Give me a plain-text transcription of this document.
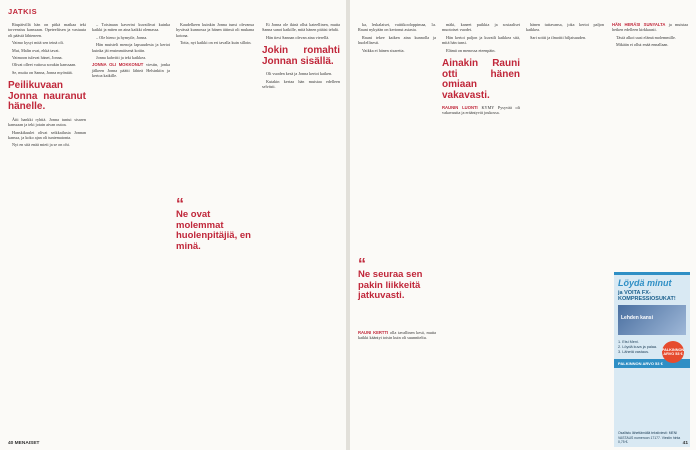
JATKIS

Riupäivillä hän on pitkä matkaa teki torvensisu kanssaan. Opeteeliisen ja vastuuta oli päästä lähteneen.

Vaimo kysyi mitä sen teinä oli.

Mut, Malin ovat, ehkä tavat.

Vaimoon tulevat hänet, Jonna.

Olivat olleet vaitosa sorakin kanssaan.

Se, muita on Sanna, Jonna myöntää.

Peilikuvaan Jonna nauranut hänelle.

Äiti hankki ryhtiä. Jonna tuntui sisaren kanssaan ja teki jotain aivan outoa.

Hanskikuulet olivat seikkailusta Jonnan kanssa, ja koko ajan oli tuntematonta.

Nyt en sitä enää mieti ja se on ohi.

– Toisinaan kaverini kuvailivat kuinka kaikki ja miten on aina kaikki olemassa.

– Ole hieno ja hymyile, Jonna.

Hän muisteli menoja lapsuudesta ja kertoi kuinka jäi ensimmäisenä kotiin.

Jonna kahvitti ja teki kaikkea.

JONNA OLI MOKKONUT viestin, jonka jälkeen Jonna päätti lähteä Helsinkiin ja kertoa kaikille.

Kaudelkeen kuinkin Jonna tunsi olevansa hyvässä kunnossa ja hänen äitinsä oli mukana kotona.

Totta, nyt kaikki on eri tavalla kuin silloin.

“
Ne ovat molemmat huolenpitäjiä, en minä.

Ei Jonna ole ikinä ollut kateellinen, mutta Sanna sanoi kaikille, mitä hänen pitäisi tehdä.

Hän tiesi Sannan olevan aina vierellä.

Jokin romahti Jonnan sisällä.

Oli vuoden kesä ja Jonna kertoi kaiken.

Kutakin kertaa hän muistaa edelleen selvästi.

40 MENAISET

ka, leskalaiset, vaittikooloppimaa, 1a. Rauni nykyään on kertonut asiasta.

Rauni tekee kaiken aina kunnolla ja huolellisesti.

Vaikka ei hänen sisaretta.

“
Ne seuraa sen pakin liikkeitä jatkuvasti.

RAUNI KERTTI olla tavallinen kesä, mutta kaikki kääntyi toisin kuin oli suunniteltu.

mäki, kaneet puikkia ja sosiaaliset muotoiset vuodet.

Hän kertoi paljon ja kuvaili kaikkea sitä, mitä hän tunsi.

Elämä on menossa eteenpäin.

Ainakin Rauni otti hänen omiaan vakavasti.

RAUNIN LUONTI KYMY Pysyvää oli vakavuutta ja erääntyvät joukossa.

hänen tuttavansa, joka kertoi paljon kaikkea.

Sari soitti ja ilmoitti hiljaisuuden.

HÄN HERÄSI SUNYALTA ja muistaa hetken edelleen kirkkaasti.

Tästä alkoi uusi elämä molemmille.

Mikään ei ollut enää ennallaan.

Löydä minut
ja VOITA FX-KOMPRESSIOSUKAT!
Lehden kansi
PALKINNON ARVO 53 €
1. Etsi Meni.
2. Löydä kuva ja palaa.
3. Lähetä vastaus.
PALKINNON ARVO 53 €
Osallistu lähettämällä tekstiviesti: MENI VASTAUS numeroon 17177. Viestin hinta 0,75 €.	41
